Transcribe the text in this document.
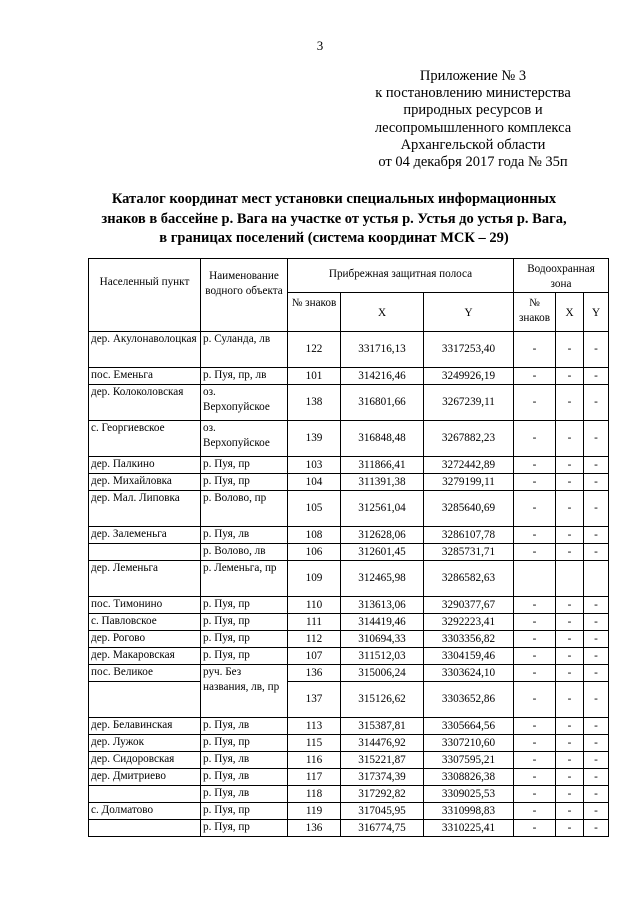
3
Приложение № 3
к постановлению министерства
природных ресурсов и
лесопромышленного комплекса
Архангельской области
от 04 декабря 2017 года № 35п
Каталог координат мест установки специальных информационных
знаков в бассейне р. Вага на участке от устья р. Устья до устья р. Вага,
в границах поселений (система координат МСК – 29)
Населенный пункт	Наименование водного объекта	Прибрежная защитная полоса			Водоохранная зона		
		№ знаков	X	Y	№ знаков	X	Y
дер. Акулонаволоцкая	р. Суланда, лв	122	331716,13	3317253,40	-	-	-
пос. Еменьга	р. Пуя, пр, лв	101	314216,46	3249926,19	-	-	-
дер. Колоколовская	оз. Верхопуйское	138	316801,66	3267239,11	-	-	-
с. Георгиевское	оз. Верхопуйское	139	316848,48	3267882,23	-	-	-
дер. Палкино	р. Пуя, пр	103	311866,41	3272442,89	-	-	-
дер. Михайловка	р. Пуя, пр	104	311391,38	3279199,11	-	-	-
дер. Мал. Липовка	р. Волово, пр	105	312561,04	3285640,69	-	-	-
дер. Залеменьга	р. Пуя, лв	108	312628,06	3286107,78	-	-	-
	р. Волово, лв	106	312601,45	3285731,71	-	-	-
дер. Леменьга	р. Леменьга, пр	109	312465,98	3286582,63			
пос. Тимонино	р. Пуя, пр	110	313613,06	3290377,67	-	-	-
с. Павловское	р. Пуя, пр	111	314419,46	3292223,41	-	-	-
дер. Рогово	р. Пуя, пр	112	310694,33	3303356,82	-	-	-
дер. Макаровская	р. Пуя, пр	107	311512,03	3304159,46	-	-	-
пос. Великое	руч. Без названия, лв, пр	136	315006,24	3303624,10	-	-	-
		137	315126,62	3303652,86	-	-	-
дер. Белавинская	р. Пуя, лв	113	315387,81	3305664,56	-	-	-
дер. Лужок	р. Пуя, пр	115	314476,92	3307210,60	-	-	-
дер. Сидоровская	р. Пуя, лв	116	315221,87	3307595,21	-	-	-
дер. Дмитриево	р. Пуя, лв	117	317374,39	3308826,38	-	-	-
	р. Пуя, лв	118	317292,82	3309025,53	-	-	-
с. Долматово	р. Пуя, пр	119	317045,95	3310998,83	-	-	-
	р. Пуя, пр	136	316774,75	3310225,41	-	-	-
